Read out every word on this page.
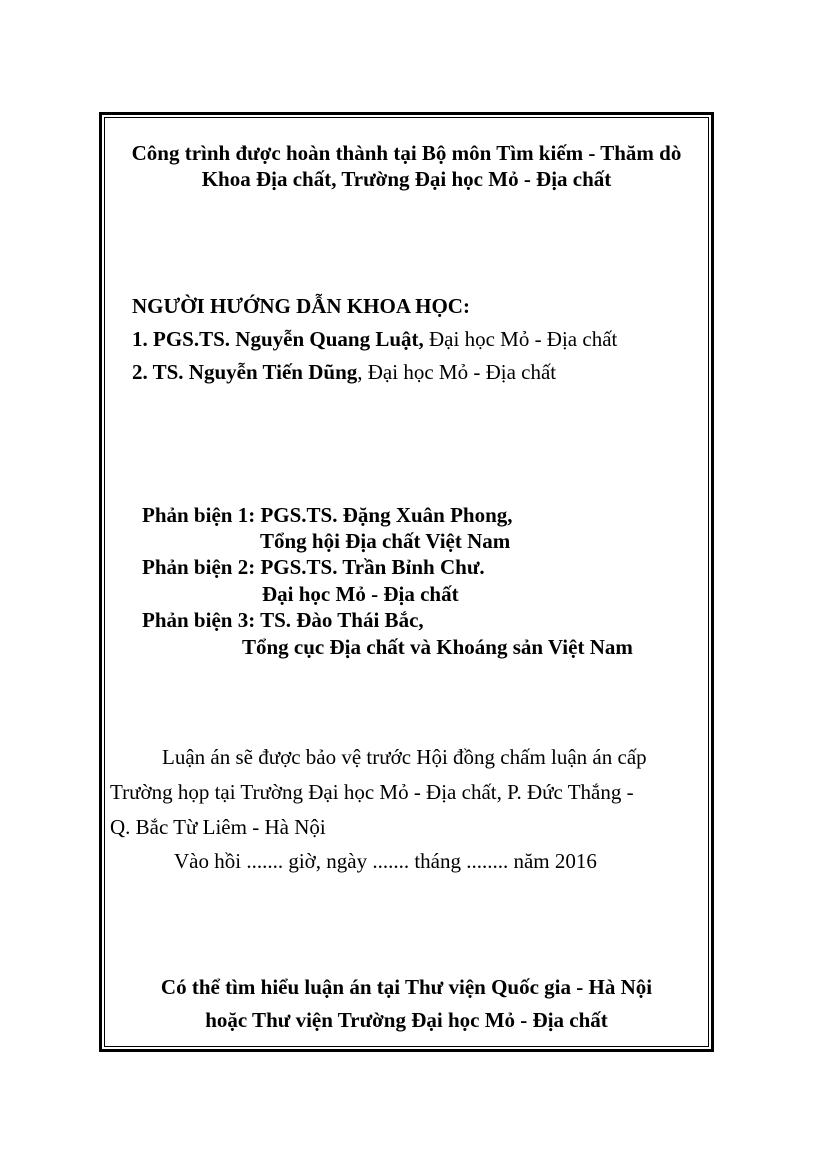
Công trình được hoàn thành tại Bộ môn Tìm kiếm - Thăm dò
Khoa Địa chất, Trường Đại học Mỏ - Địa chất
NGƯỜI HƯỚNG DẪN KHOA HỌC:
1. PGS.TS. Nguyễn Quang Luật, Đại học Mỏ - Địa chất
2. TS. Nguyễn Tiến Dũng, Đại học Mỏ - Địa chất
Phản biện 1: PGS.TS. Đặng Xuân Phong,
Tổng hội Địa chất Việt Nam
Phản biện 2: PGS.TS. Trần Bỉnh Chư.
Đại học Mỏ - Địa chất
Phản biện 3: TS. Đào Thái Bắc,
Tổng cục Địa chất và Khoáng sản Việt Nam
Luận án sẽ được bảo vệ trước Hội đồng chấm luận án cấp
Trường họp tại Trường Đại học Mỏ - Địa chất, P. Đức Thắng -
Q. Bắc Từ Liêm - Hà Nội
Vào hồi ....... giờ, ngày ....... tháng ........ năm 2016
Có thể tìm hiểu luận án tại Thư viện Quốc gia - Hà Nội
hoặc Thư viện Trường Đại học Mỏ - Địa chất
